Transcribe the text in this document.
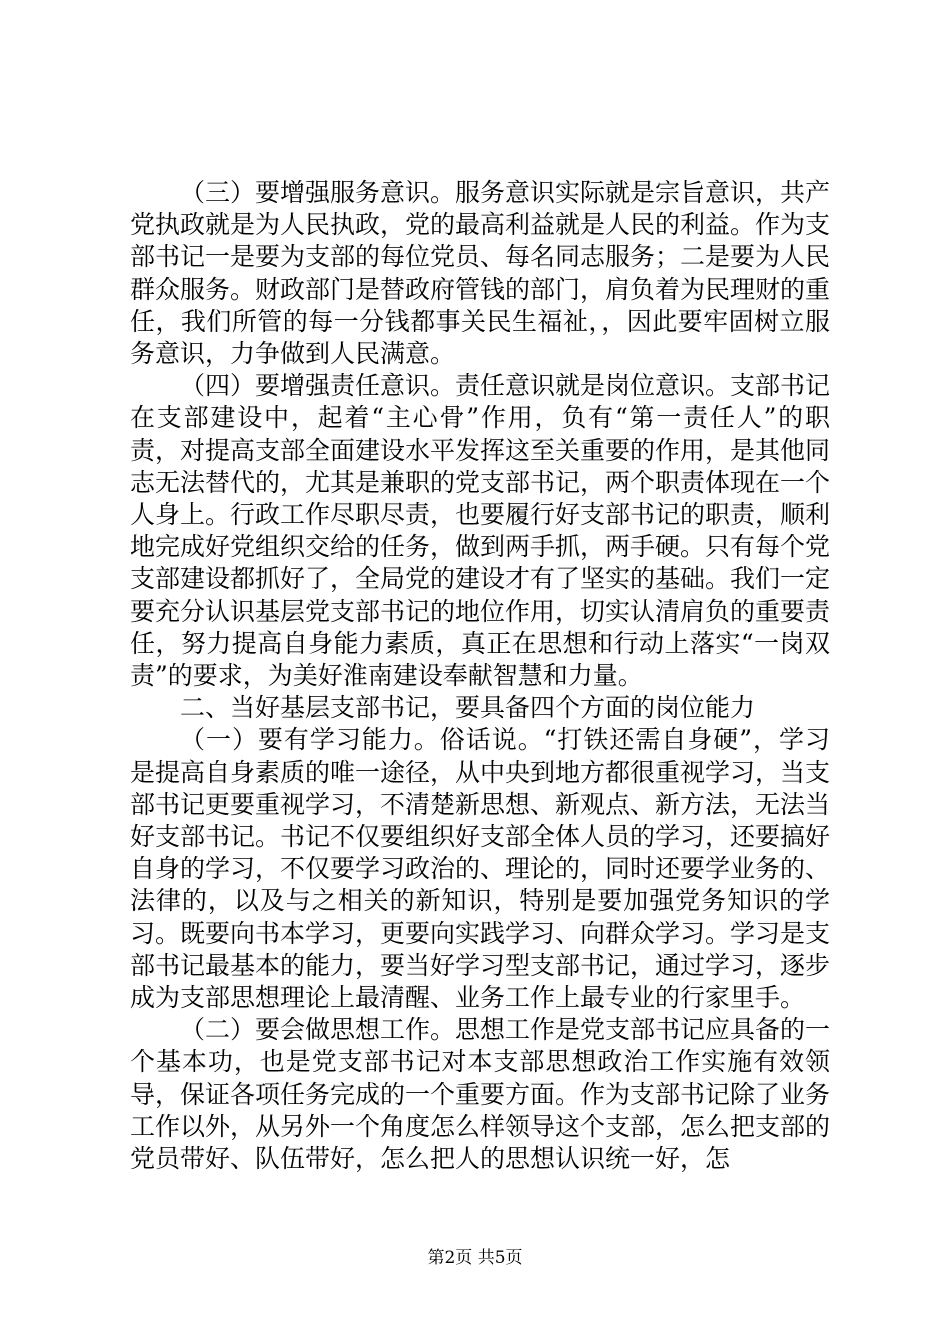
（三）要增强服务意识。服务意识实际就是宗旨意识，共产党执政就是为人民执政，党的最高利益就是人民的利益。作为支部书记一是要为支部的每位党员、每名同志服务；二是要为人民群众服务。财政部门是替政府管钱的部门，肩负着为民理财的重任，我们所管的每一分钱都事关民生福祉，，因此要牢固树立服务意识，力争做到人民满意。

（四）要增强责任意识。责任意识就是岗位意识。支部书记在支部建设中，起着“主心骨”作用，负有“第一责任人”的职责，对提高支部全面建设水平发挥这至关重要的作用，是其他同志无法替代的，尤其是兼职的党支部书记，两个职责体现在一个人身上。行政工作尽职尽责，也要履行好支部书记的职责，顺利地完成好党组织交给的任务，做到两手抓，两手硬。只有每个党支部建设都抓好了，全局党的建设才有了坚实的基础。我们一定要充分认识基层党支部书记的地位作用，切实认清肩负的重要责任，努力提高自身能力素质，真正在思想和行动上落实“一岗双责”的要求，为美好淮南建设奉献智慧和力量。

二、当好基层支部书记，要具备四个方面的岗位能力

（一）要有学习能力。俗话说。“打铁还需自身硬”，学习是提高自身素质的唯一途径，从中央到地方都很重视学习，当支部书记更要重视学习，不清楚新思想、新观点、新方法，无法当好支部书记。书记不仅要组织好支部全体人员的学习，还要搞好自身的学习，不仅要学习政治的、理论的，同时还要学业务的、法律的，以及与之相关的新知识，特别是要加强党务知识的学习。既要向书本学习，更要向实践学习、向群众学习。学习是支部书记最基本的能力，要当好学习型支部书记，通过学习，逐步成为支部思想理论上最清醒、业务工作上最专业的行家里手。

（二）要会做思想工作。思想工作是党支部书记应具备的一个基本功，也是党支部书记对本支部思想政治工作实施有效领导，保证各项任务完成的一个重要方面。作为支部书记除了业务工作以外，从另外一个角度怎么样领导这个支部，怎么把支部的党员带好、队伍带好，怎么把人的思想认识统一好，怎

第2页 共5页
